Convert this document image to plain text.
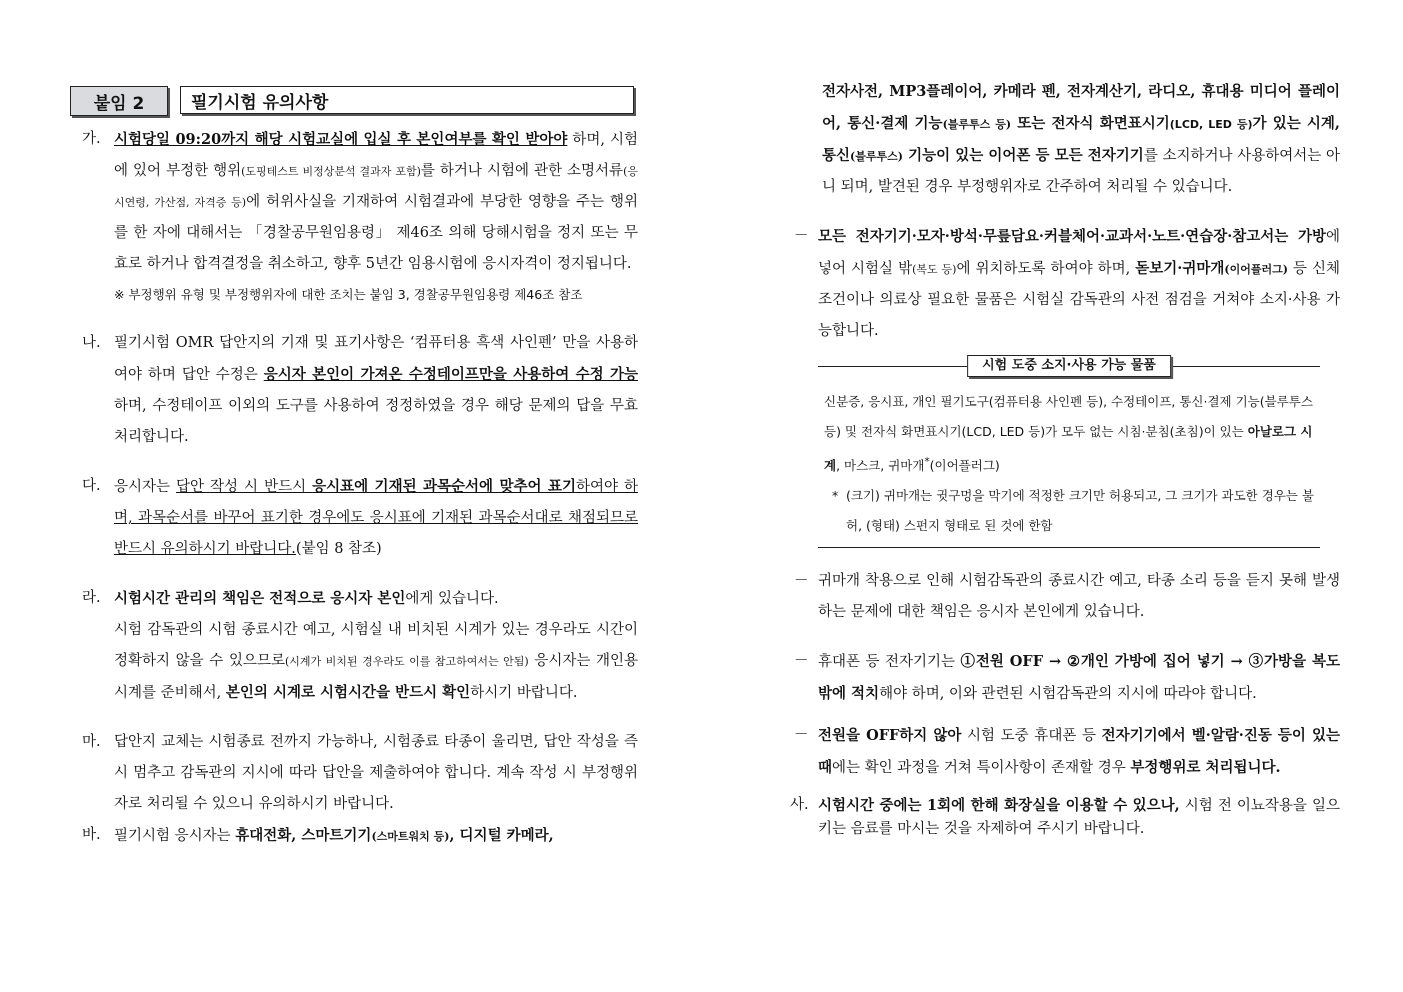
붙임 2	필기시험 유의사항
가. 시험당일 09:20까지 해당 시험교실에 입실 후 본인여부를 확인 받아야 하며, 시험에 있어 부정한 행위(도핑테스트 비정상분석 결과자 포함)를 하거나 시험에 관한 소명서류(응시연령, 가산점, 자격증 등)에 허위사실을 기재하여 시험결과에 부당한 영향을 주는 행위를 한 자에 대해서는 「경찰공무원임용령」 제46조 의해 당해시험을 정지 또는 무효로 하거나 합격결정을 취소하고, 향후 5년간 임용시험에 응시자격이 정지됩니다.
※ 부정행위 유형 및 부정행위자에 대한 조치는 붙임 3, 경찰공무원임용령 제46조 참조
나. 필기시험 OMR 답안지의 기재 및 표기사항은 ‘컴퓨터용 흑색 사인펜’ 만을 사용하여야 하며 답안 수정은 응시자 본인이 가져온 수정테이프만을 사용하여 수정 가능하며, 수정테이프 이외의 도구를 사용하여 정정하였을 경우 해당 문제의 답을 무효 처리합니다.
다. 응시자는 답안 작성 시 반드시 응시표에 기재된 과목순서에 맞추어 표기하여야 하며, 과목순서를 바꾸어 표기한 경우에도 응시표에 기재된 과목순서대로 채점되므로 반드시 유의하시기 바랍니다.(붙임 8 참조)
라. 시험시간 관리의 책임은 전적으로 응시자 본인에게 있습니다.
시험 감독관의 시험 종료시간 예고, 시험실 내 비치된 시계가 있는 경우라도 시간이 정확하지 않을 수 있으므로(시계가 비치된 경우라도 이를 참고하여서는 안됨) 응시자는 개인용 시계를 준비해서, 본인의 시계로 시험시간을 반드시 확인하시기 바랍니다.
마. 답안지 교체는 시험종료 전까지 가능하나, 시험종료 타종이 울리면, 답안 작성을 즉시 멈추고 감독관의 지시에 따라 답안을 제출하여야 합니다. 계속 작성 시 부정행위자로 처리될 수 있으니 유의하시기 바랍니다.
바. 필기시험 응시자는 휴대전화, 스마트기기(스마트워치 등), 디지털 카메라,
전자사전, MP3플레이어, 카메라 펜, 전자계산기, 라디오, 휴대용 미디어 플레이어, 통신·결제 기능(블루투스 등) 또는 전자식 화면표시기(LCD, LED 등)가 있는 시계, 통신(블루투스) 기능이 있는 이어폰 등 모든 전자기기를 소지하거나 사용하여서는 아니 되며, 발견된 경우 부정행위자로 간주하여 처리될 수 있습니다.
－ 모든 전자기기·모자·방석·무릎담요·커블체어·교과서·노트·연습장·참고서는 가방에 넣어 시험실 밖(복도 등)에 위치하도록 하여야 하며, 돋보기·귀마개(이어플러그) 등 신체조건이나 의료상 필요한 물품은 시험실 감독관의 사전 점검을 거쳐야 소지·사용 가능합니다.
시험 도중 소지·사용 가능 물품
신분증, 응시표, 개인 필기도구(컴퓨터용 사인펜 등), 수정테이프, 통신·결제 기능(블루투스 등) 및 전자식 화면표시기(LCD, LED 등)가 모두 없는 시침·분침(초침)이 있는 아날로그 시계, 마스크, 귀마개*(이어플러그)
* (크기) 귀마개는 귓구멍을 막기에 적정한 크기만 허용되고, 그 크기가 과도한 경우는 불허, (형태) 스펀지 형태로 된 것에 한함
－ 귀마개 착용으로 인해 시험감독관의 종료시간 예고, 타종 소리 등을 듣지 못해 발생하는 문제에 대한 책임은 응시자 본인에게 있습니다.
－ 휴대폰 등 전자기기는 ①전원 OFF → ②개인 가방에 집어 넣기 → ③가방을 복도 밖에 적치해야 하며, 이와 관련된 시험감독관의 지시에 따라야 합니다.
－ 전원을 OFF하지 않아 시험 도중 휴대폰 등 전자기기에서 벨·알람·진동 등이 있는 때에는 확인 과정을 거쳐 특이사항이 존재할 경우 부정행위로 처리됩니다.
사. 시험시간 중에는 1회에 한해 화장실을 이용할 수 있으나, 시험 전 이뇨작용을 일으키는 음료를 마시는 것을 자제하여 주시기 바랍니다.
